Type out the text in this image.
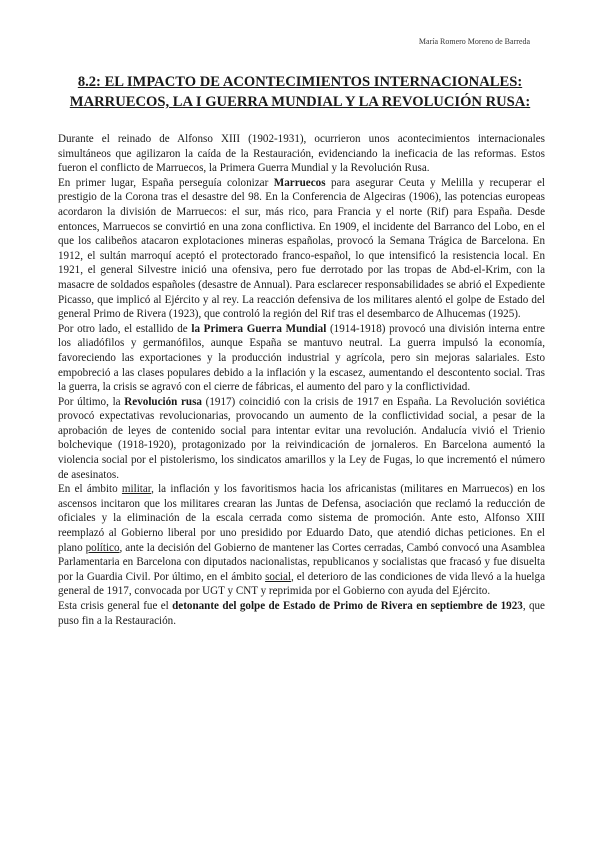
María Romero Moreno de Barreda
8.2: EL IMPACTO DE ACONTECIMIENTOS INTERNACIONALES:
MARRUECOS, LA I GUERRA MUNDIAL Y LA REVOLUCIÓN RUSA:

Durante el reinado de Alfonso XIII (1902-1931), ocurrieron unos acontecimientos internacionales simultáneos que agilizaron la caída de la Restauración, evidenciando la ineficacia de las reformas. Estos fueron el conflicto de Marruecos, la Primera Guerra Mundial y la Revolución Rusa.

En primer lugar, España perseguía colonizar Marruecos para asegurar Ceuta y Melilla y recuperar el prestigio de la Corona tras el desastre del 98. En la Conferencia de Algeciras (1906), las potencias europeas acordaron la división de Marruecos: el sur, más rico, para Francia y el norte (Rif) para España. Desde entonces, Marruecos se convirtió en una zona conflictiva. En 1909, el incidente del Barranco del Lobo, en el que los calibeños atacaron explotaciones mineras españolas, provocó la Semana Trágica de Barcelona. En 1912, el sultán marroquí aceptó el protectorado franco-español, lo que intensificó la resistencia local. En 1921, el general Silvestre inició una ofensiva, pero fue derrotado por las tropas de Abd-el-Krim, con la masacre de soldados españoles (desastre de Annual). Para esclarecer responsabilidades se abrió el Expediente Picasso, que implicó al Ejército y al rey. La reacción defensiva de los militares alentó el golpe de Estado del general Primo de Rivera (1923), que controló la región del Rif tras el desembarco de Alhucemas (1925).

Por otro lado, el estallido de la Primera Guerra Mundial (1914-1918) provocó una división interna entre los aliadófilos y germanófilos, aunque España se mantuvo neutral. La guerra impulsó la economía, favoreciendo las exportaciones y la producción industrial y agrícola, pero sin mejoras salariales. Esto empobreció a las clases populares debido a la inflación y la escasez, aumentando el descontento social. Tras la guerra, la crisis se agravó con el cierre de fábricas, el aumento del paro y la conflictividad.

Por último, la Revolución rusa (1917) coincidió con la crisis de 1917 en España. La Revolución soviética provocó expectativas revolucionarias, provocando un aumento de la conflictividad social, a pesar de la aprobación de leyes de contenido social para intentar evitar una revolución. Andalucía vivió el Trienio bolchevique (1918-1920), protagonizado por la reivindicación de jornaleros. En Barcelona aumentó la violencia social por el pistolerismo, los sindicatos amarillos y la Ley de Fugas, lo que incrementó el número de asesinatos.

En el ámbito militar, la inflación y los favoritismos hacia los africanistas (militares en Marruecos) en los ascensos incitaron que los militares crearan las Juntas de Defensa, asociación que reclamó la reducción de oficiales y la eliminación de la escala cerrada como sistema de promoción. Ante esto, Alfonso XIII reemplazó al Gobierno liberal por uno presidido por Eduardo Dato, que atendió dichas peticiones. En el plano político, ante la decisión del Gobierno de mantener las Cortes cerradas, Cambó convocó una Asamblea Parlamentaria en Barcelona con diputados nacionalistas, republicanos y socialistas que fracasó y fue disuelta por la Guardia Civil. Por último, en el ámbito social, el deterioro de las condiciones de vida llevó a la huelga general de 1917, convocada por UGT y CNT y reprimida por el Gobierno con ayuda del Ejército.

Esta crisis general fue el detonante del golpe de Estado de Primo de Rivera en septiembre de 1923, que puso fin a la Restauración.
